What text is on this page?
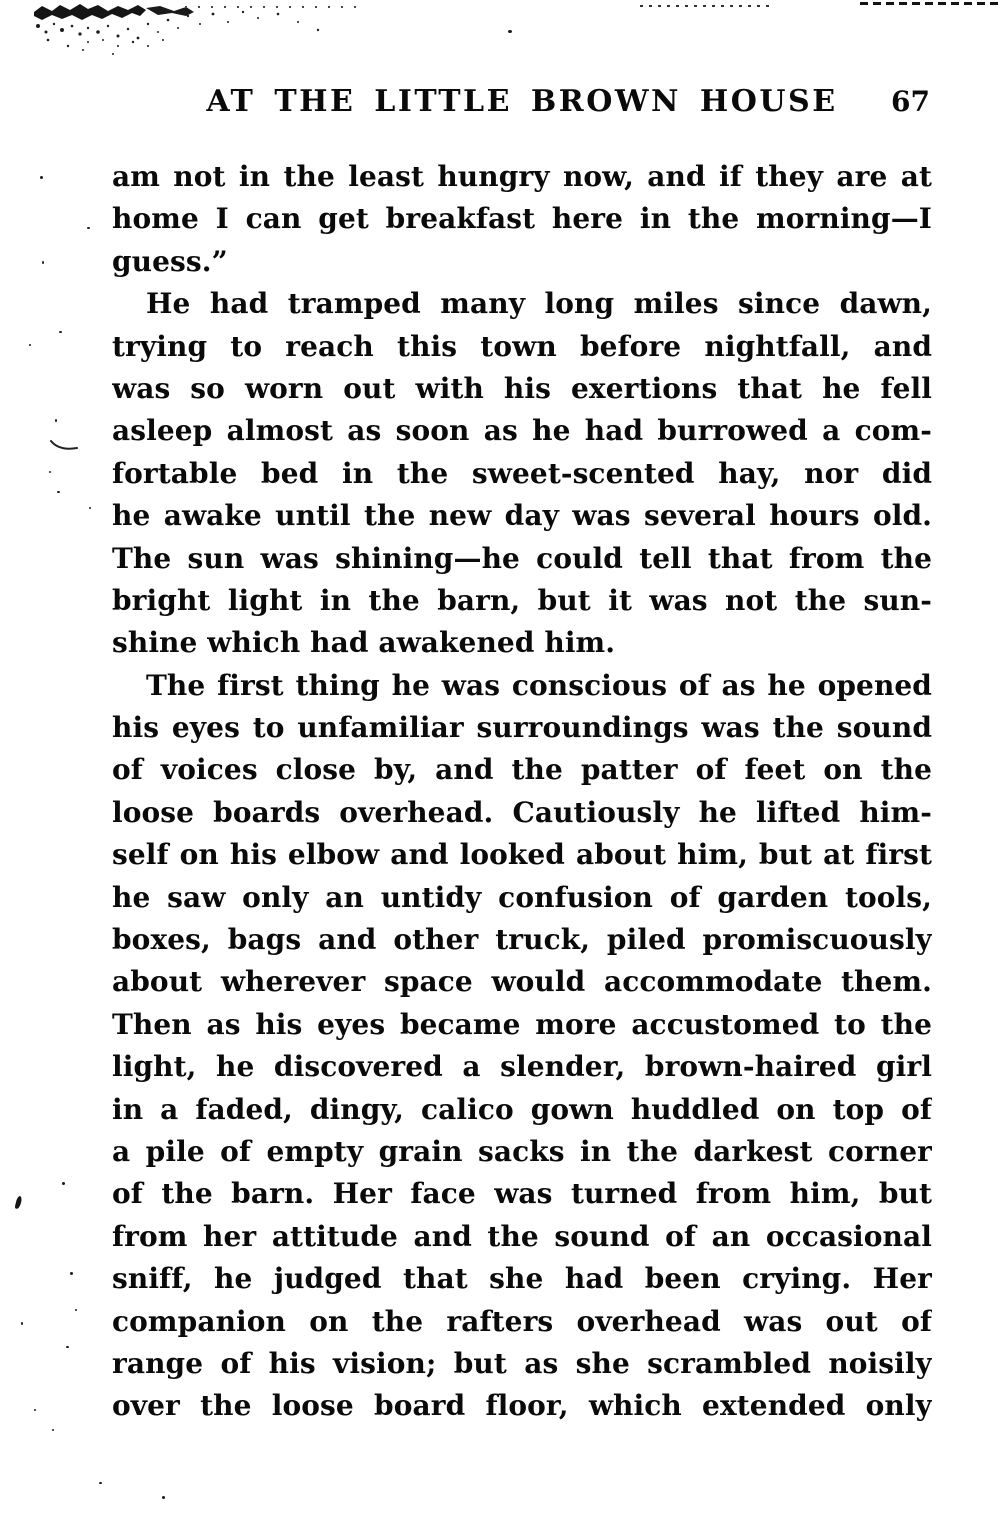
AT THE LITTLE BROWN HOUSE 67
am not in the least hungry now, and if they are at
home I can get breakfast here in the morning—I
guess.”
He had tramped many long miles since dawn,
trying to reach this town before nightfall, and
was so worn out with his exertions that he fell
asleep almost as soon as he had burrowed a com-
fortable bed in the sweet-scented hay, nor did
he awake until the new day was several hours old.
The sun was shining—he could tell that from the
bright light in the barn, but it was not the sun-
shine which had awakened him.
The first thing he was conscious of as he opened
his eyes to unfamiliar surroundings was the sound
of voices close by, and the patter of feet on the
loose boards overhead. Cautiously he lifted him-
self on his elbow and looked about him, but at first
he saw only an untidy confusion of garden tools,
boxes, bags and other truck, piled promiscuously
about wherever space would accommodate them.
Then as his eyes became more accustomed to the
light, he discovered a slender, brown-haired girl
in a faded, dingy, calico gown huddled on top of
a pile of empty grain sacks in the darkest corner
of the barn. Her face was turned from him, but
from her attitude and the sound of an occasional
sniff, he judged that she had been crying. Her
companion on the rafters overhead was out of
range of his vision; but as she scrambled noisily
over the loose board floor, which extended only
